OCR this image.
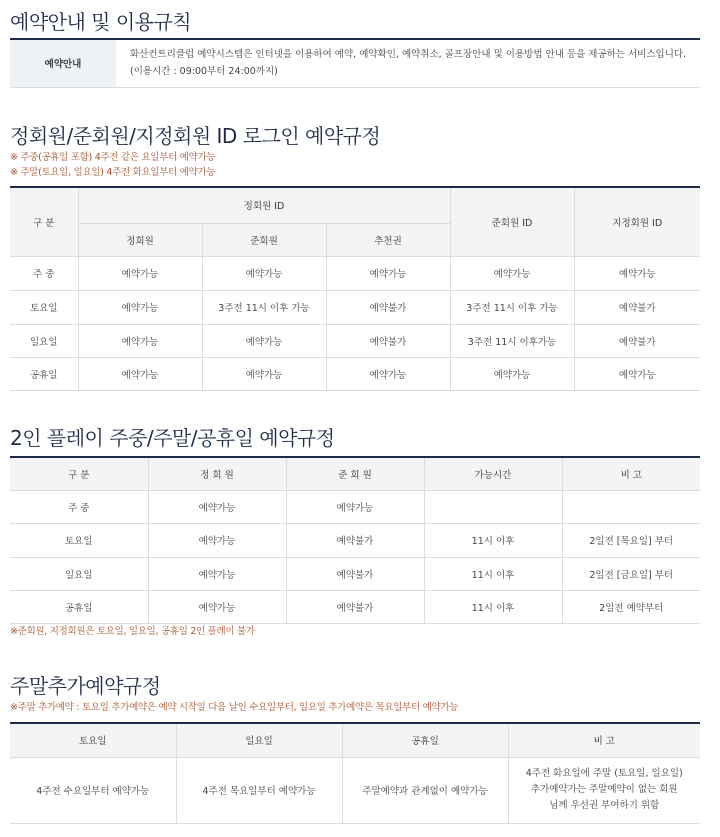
예약안내 및 이용규칙
예약안내	
화산컨트리클럽 예약시스템은 인터넷을 이용하여 예약, 예약확인, 예약취소, 골프장안내 및 이용방법 안내 등을 제공하는 서비스입니다.
(이용시간 : 09:00부터 24:00까지)
정회원/준회원/지정회원 ID 로그인 예약규정
※ 주중(공휴일 포함) 4주전 같은 요일부터 예약가능
※ 주말(토요일, 일요일) 4주전 화요일부터 예약가능
구 분	정회원 ID			준회원 ID	지정회원 ID
	정회원	준회원	추천권		
주 중	예약가능	예약가능	예약가능	예약가능	예약가능
토요일	예약가능	3주전 11시 이후 가능	예약불가	3주전 11시 이후 가능	예약불가
일요일	예약가능	예약가능	예약불가	3주전 11시 이후가능	예약불가
공휴일	예약가능	예약가능	예약가능	예약가능	예약가능
2인 플레이 주중/주말/공휴일 예약규정
구 분	정 회 원	준 회 원	가능시간	비 고
주 중	예약가능	예약가능		
토요일	예약가능	예약불가	11시 이후	2일전 [목요일] 부터
일요일	예약가능	예약불가	11시 이후	2일전 [금요일] 부터
공휴일	예약가능	예약불가	11시 이후	2일전 예약부터
※준회원, 지정회원은 토요일, 일요일, 공휴일 2인 플레이 불가
주말추가예약규정
※주말 추가예약 : 토요일 추가예약은 예약 시작일 다음 날인 수요일부터, 일요일 추가예약은 목요일부터 예약가능
토요일	일요일	공휴일	비 고
4주전 수요일부터 예약가능	4주전 목요일부터 예약가능	주말예약과 관계없이 예약가능	4주전 화요일에 주말 (토요일, 일요일)
추가예약가는 주말예약이 없는 회원
님께 우선권 부여하기 위함
